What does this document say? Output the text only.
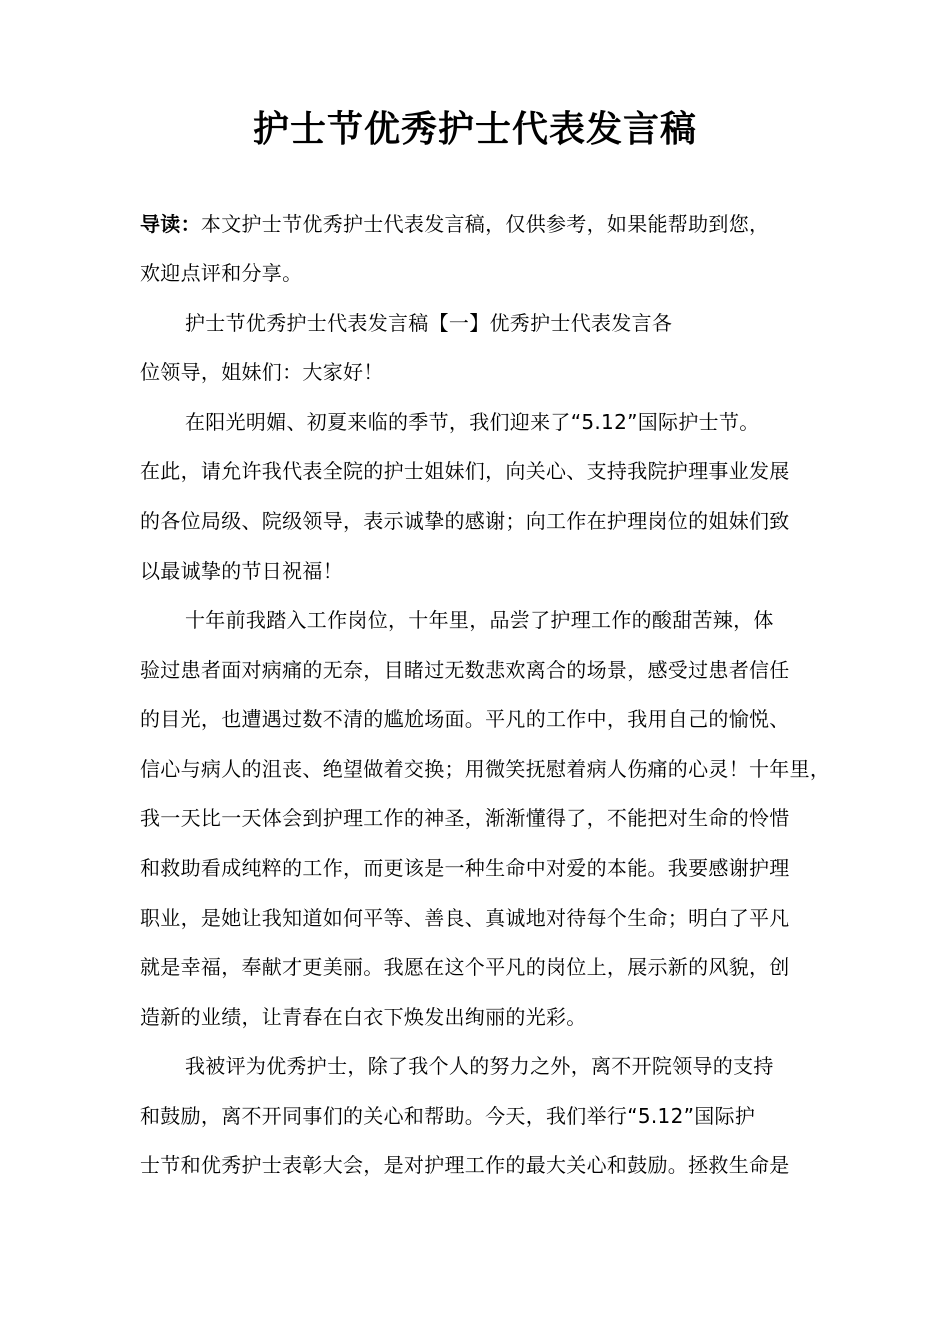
护士节优秀护士代表发言稿
导读：本文护士节优秀护士代表发言稿，仅供参考，如果能帮助到您，
欢迎点评和分享。
护士节优秀护士代表发言稿【一】优秀护士代表发言各
位领导，姐妹们：大家好！
在阳光明媚、初夏来临的季节，我们迎来了“5.12”国际护士节。
在此，请允许我代表全院的护士姐妹们，向关心、支持我院护理事业发展
的各位局级、院级领导，表示诚挚的感谢；向工作在护理岗位的姐妹们致
以最诚挚的节日祝福！
十年前我踏入工作岗位，十年里，品尝了护理工作的酸甜苦辣，体
验过患者面对病痛的无奈，目睹过无数悲欢离合的场景，感受过患者信任
的目光，也遭遇过数不清的尴尬场面。平凡的工作中，我用自己的愉悦、
信心与病人的沮丧、绝望做着交换；用微笑抚慰着病人伤痛的心灵！十年里，
我一天比一天体会到护理工作的神圣，渐渐懂得了，不能把对生命的怜惜
和救助看成纯粹的工作，而更该是一种生命中对爱的本能。我要感谢护理
职业，是她让我知道如何平等、善良、真诚地对待每个生命；明白了平凡
就是幸福，奉献才更美丽。我愿在这个平凡的岗位上，展示新的风貌，创
造新的业绩，让青春在白衣下焕发出绚丽的光彩。
我被评为优秀护士，除了我个人的努力之外，离不开院领导的支持
和鼓励，离不开同事们的关心和帮助。今天，我们举行“5.12”国际护
士节和优秀护士表彰大会，是对护理工作的最大关心和鼓励。拯救生命是
